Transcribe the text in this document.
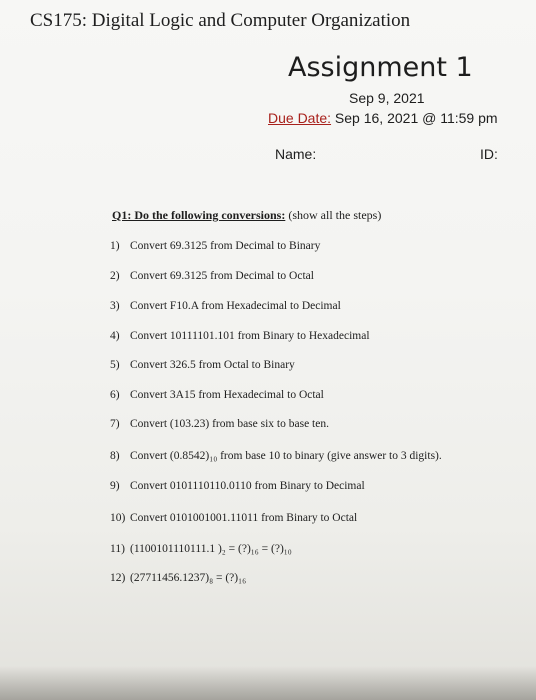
CS175: Digital Logic and Computer Organization
Assignment 1
Sep 9, 2021
Due Date: Sep 16, 2021 @ 11:59 pm
Name:	ID:
Q1: Do the following conversions: (show all the steps)
1) Convert 69.3125 from Decimal to Binary
2) Convert 69.3125 from Decimal to Octal
3) Convert F10.A from Hexadecimal to Decimal
4) Convert 10111101.101 from Binary to Hexadecimal
5) Convert 326.5 from Octal to Binary
6) Convert 3A15 from Hexadecimal to Octal
7) Convert (103.23) from base six to base ten.
8) Convert (0.8542)₁₀ from base 10 to binary (give answer to 3 digits).
9) Convert 0101110110.0110 from Binary to Decimal
10) Convert 0101001001.11011 from Binary to Octal
11) (1100101110111.1 )₂ = (?)₁₆ = (?)₁₀
12) (27711456.1237)₈ = (?)₁₆
